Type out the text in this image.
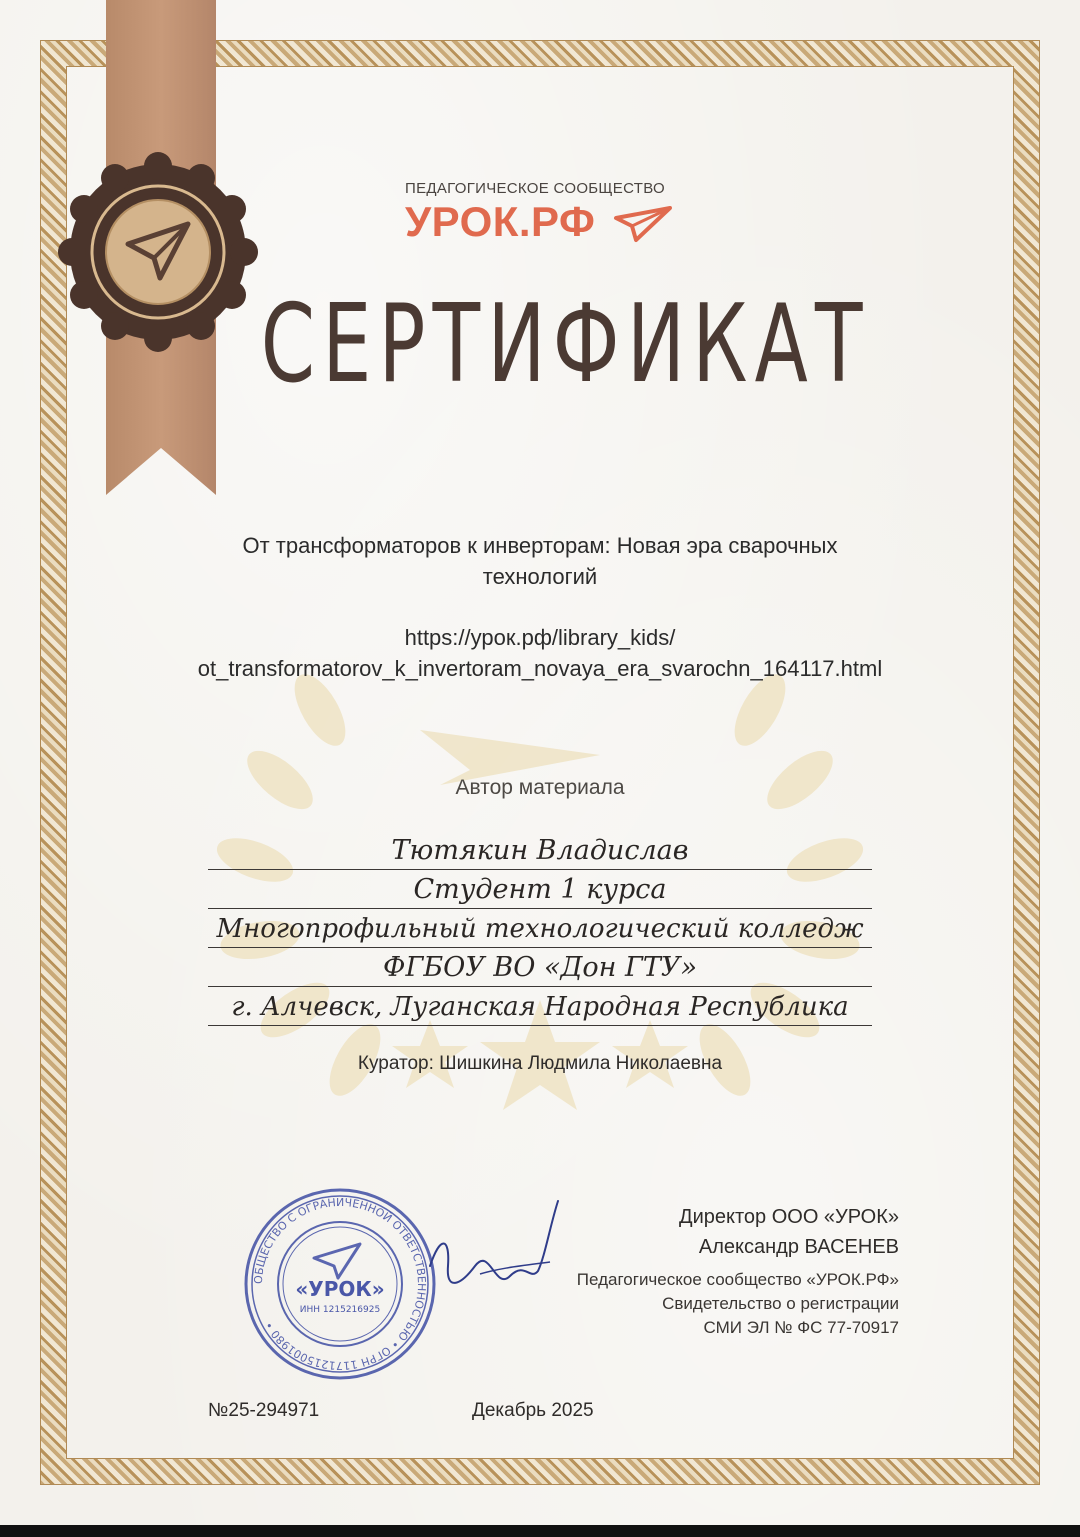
ПЕДАГОГИЧЕСКОЕ СООБЩЕСТВО
УРОК.РФ
СЕРТИФИКАТ
От трансформаторов к инверторам: Новая эра сварочных технологий
https://урок.рф/library_kids/
ot_transformatorov_k_invertoram_novaya_era_svarochn_164117.html
Автор материала
Тютякин Владислав
Студент 1 курса
Многопрофильный технологический колледж
ФГБОУ ВО «Дон ГТУ»
г. Алчевск, Луганская Народная Республика
Куратор: Шишкина Людмила Николаевна
ОБЩЕСТВО С ОГРАНИЧЕННОЙ ОТВЕТСТВЕННОСТЬЮ • ОГРН 1171215001980 •
«УРОК»
ИНН 1215216925
Директор ООО «УРОК»
Александр ВАСЕНЕВ
Педагогическое сообщество «УРОК.РФ»
Свидетельство о регистрации
СМИ ЭЛ № ФС 77-70917
№25-294971	Декабрь 2025
